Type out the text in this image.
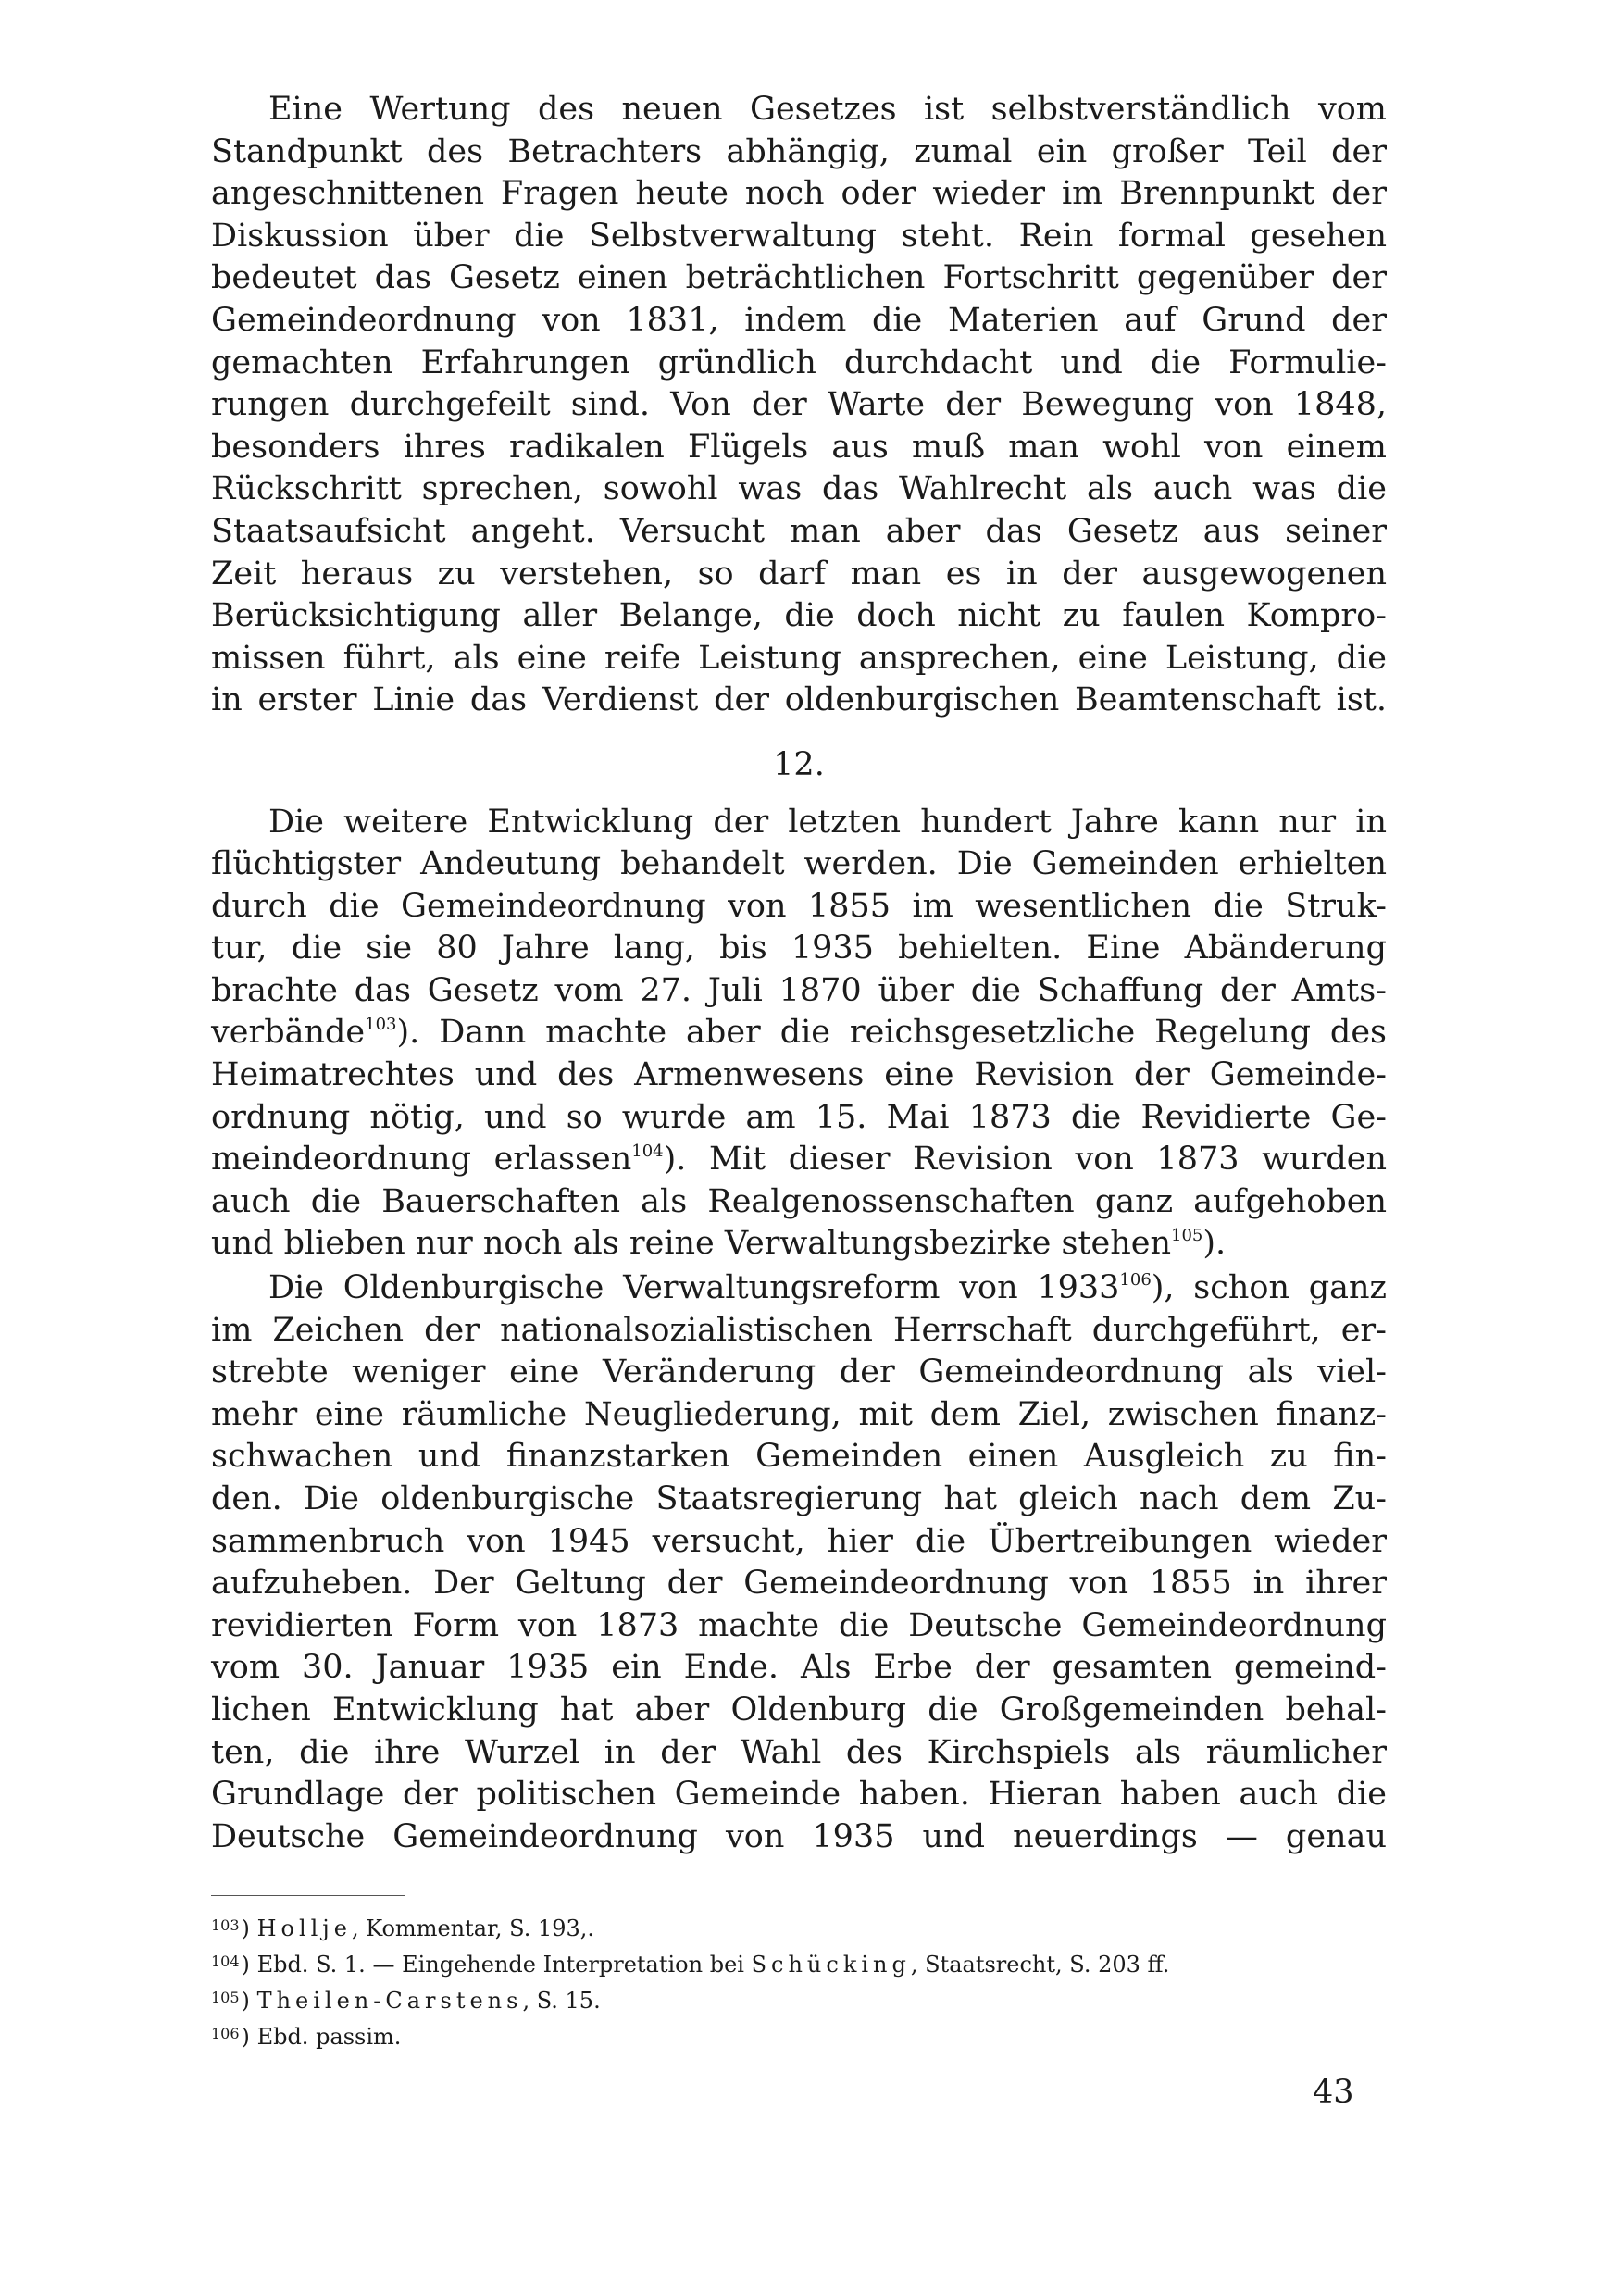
Eine Wertung des neuen Gesetzes ist selbstverständlich vom
Standpunkt des Betrachters abhängig, zumal ein großer Teil der
angeschnittenen Fragen heute noch oder wieder im Brennpunkt der
Diskussion über die Selbstverwaltung steht. Rein formal gesehen
bedeutet das Gesetz einen beträchtlichen Fortschritt gegenüber der
Gemeindeordnung von 1831, indem die Materien auf Grund der
gemachten Erfahrungen gründlich durchdacht und die Formulie-
rungen durchgefeilt sind. Von der Warte der Bewegung von 1848,
besonders ihres radikalen Flügels aus muß man wohl von einem
Rückschritt sprechen, sowohl was das Wahlrecht als auch was die
Staatsaufsicht angeht. Versucht man aber das Gesetz aus seiner
Zeit heraus zu verstehen, so darf man es in der ausgewogenen
Berücksichtigung aller Belange, die doch nicht zu faulen Kompro-
missen führt, als eine reife Leistung ansprechen, eine Leistung, die
in erster Linie das Verdienst der oldenburgischen Beamtenschaft ist.
12.
Die weitere Entwicklung der letzten hundert Jahre kann nur in
flüchtigster Andeutung behandelt werden. Die Gemeinden erhielten
durch die Gemeindeordnung von 1855 im wesentlichen die Struk-
tur, die sie 80 Jahre lang, bis 1935 behielten. Eine Abänderung
brachte das Gesetz vom 27. Juli 1870 über die Schaffung der Amts-
verbände$^{103}$). Dann machte aber die reichsgesetzliche Regelung des
Heimatrechtes und des Armenwesens eine Revision der Gemeinde-
ordnung nötig, und so wurde am 15. Mai 1873 die Revidierte Ge-
meindeordnung erlassen$^{104}$). Mit dieser Revision von 1873 wurden
auch die Bauerschaften als Realgenossenschaften ganz aufgehoben
und blieben nur noch als reine Verwaltungsbezirke stehen$^{105}$).
Die Oldenburgische Verwaltungsreform von 1933$^{106}$), schon ganz
im Zeichen der nationalsozialistischen Herrschaft durchgeführt, er-
strebte weniger eine Veränderung der Gemeindeordnung als viel-
mehr eine räumliche Neugliederung, mit dem Ziel, zwischen finanz-
schwachen und finanzstarken Gemeinden einen Ausgleich zu fin-
den. Die oldenburgische Staatsregierung hat gleich nach dem Zu-
sammenbruch von 1945 versucht, hier die Übertreibungen wieder
aufzuheben. Der Geltung der Gemeindeordnung von 1855 in ihrer
revidierten Form von 1873 machte die Deutsche Gemeindeordnung
vom 30. Januar 1935 ein Ende. Als Erbe der gesamten gemeind-
lichen Entwicklung hat aber Oldenburg die Großgemeinden behal-
ten, die ihre Wurzel in der Wahl des Kirchspiels als räumlicher
Grundlage der politischen Gemeinde haben. Hieran haben auch die
Deutsche Gemeindeordnung von 1935 und neuerdings — genau
$^{103}$) Hollje, Kommentar, S. 193,.
$^{104}$) Ebd. S. 1. — Eingehende Interpretation bei Schücking, Staatsrecht, S. 203 ff.
$^{105}$) Theilen-Carstens, S. 15.
$^{106}$) Ebd. passim.
43
